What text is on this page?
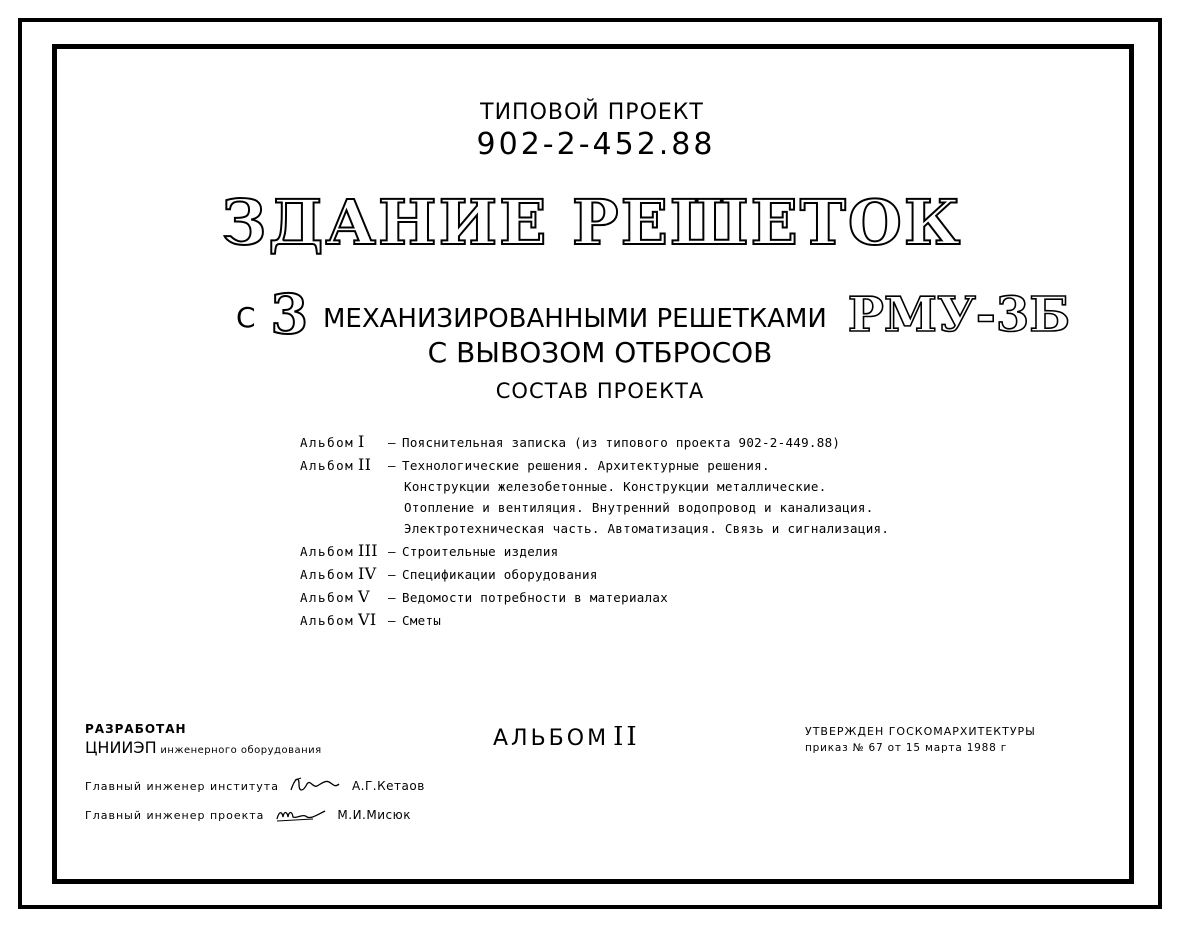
ТИПОВОЙ ПРОЕКТ
902-2-452.88
ЗДАНИЕ РЕШЕТОК
С 3 МЕХАНИЗИРОВАННЫМИ РЕШЕТКАМИ РМУ-3Б
С ВЫВОЗОМ ОТБРОСОВ
СОСТАВ ПРОЕКТА
Альбом I – Пояснительная записка (из типового проекта 902-2-449.88)
Альбом II – Технологические решения. Архитектурные решения.
Конструкции железобетонные. Конструкции металлические.
Отопление и вентиляция. Внутренний водопровод и канализация.
Электротехническая часть. Автоматизация. Связь и сигнализация.
Альбом III – Строительные изделия
Альбом IV – Спецификации оборудования
Альбом V – Ведомости потребности в материалах
Альбом VI – Сметы
РАЗРАБОТАН
ЦНИИЭП инженерного оборудования
Главный инженер института	А.Г.Кетаов
Главный инженер проекта	М.И.Мисюк
АЛЬБОМ II	УТВЕРЖДЕН ГОСКОМАРХИТЕКТУРЫ
приказ № 67 от 15 марта 1988 г
